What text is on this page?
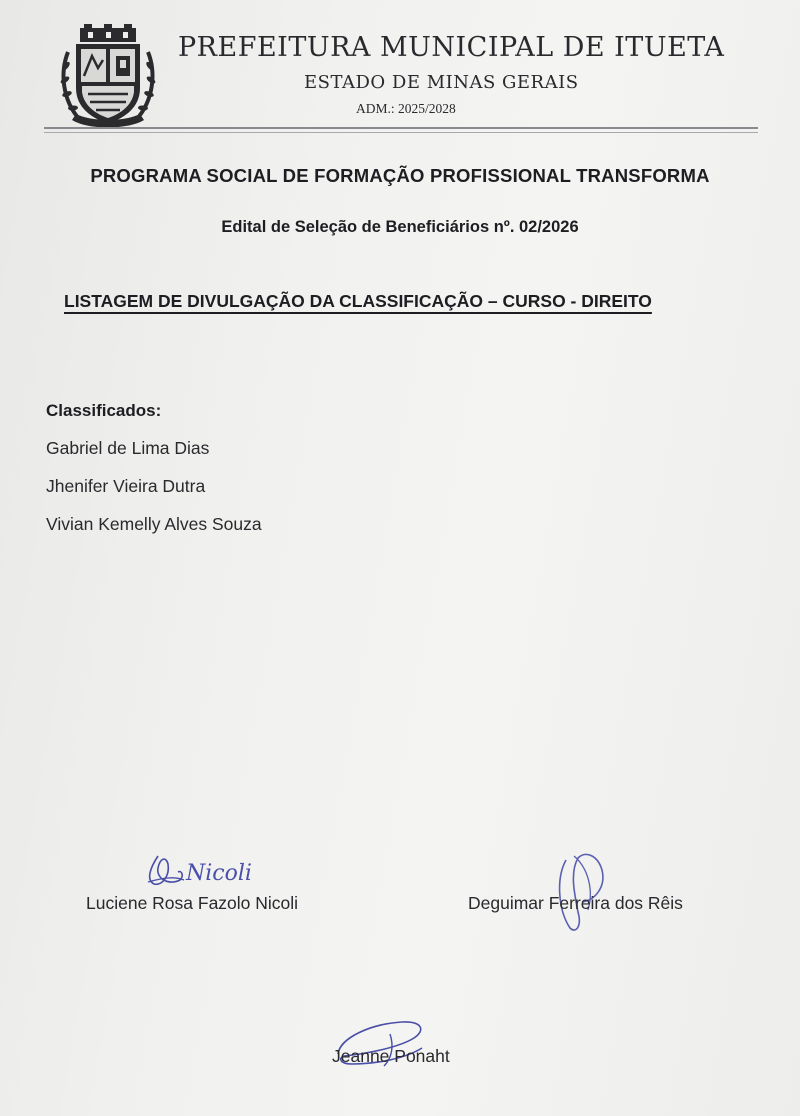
PREFEITURA MUNICIPAL DE ITUETA
ESTADO DE MINAS GERAIS
ADM.: 2025/2028
PROGRAMA SOCIAL DE FORMAÇÃO PROFISSIONAL TRANSFORMA
Edital de Seleção de Beneficiários nº. 02/2026
LISTAGEM DE DIVULGAÇÃO DA CLASSIFICAÇÃO – CURSO - DIREITO
Classificados:
Gabriel de Lima Dias
Jhenifer Vieira Dutra
Vivian Kemelly Alves Souza
Nicoli
Luciene Rosa Fazolo Nicoli	Deguimar Ferreira dos Rêis
Jeanne Ponaht
